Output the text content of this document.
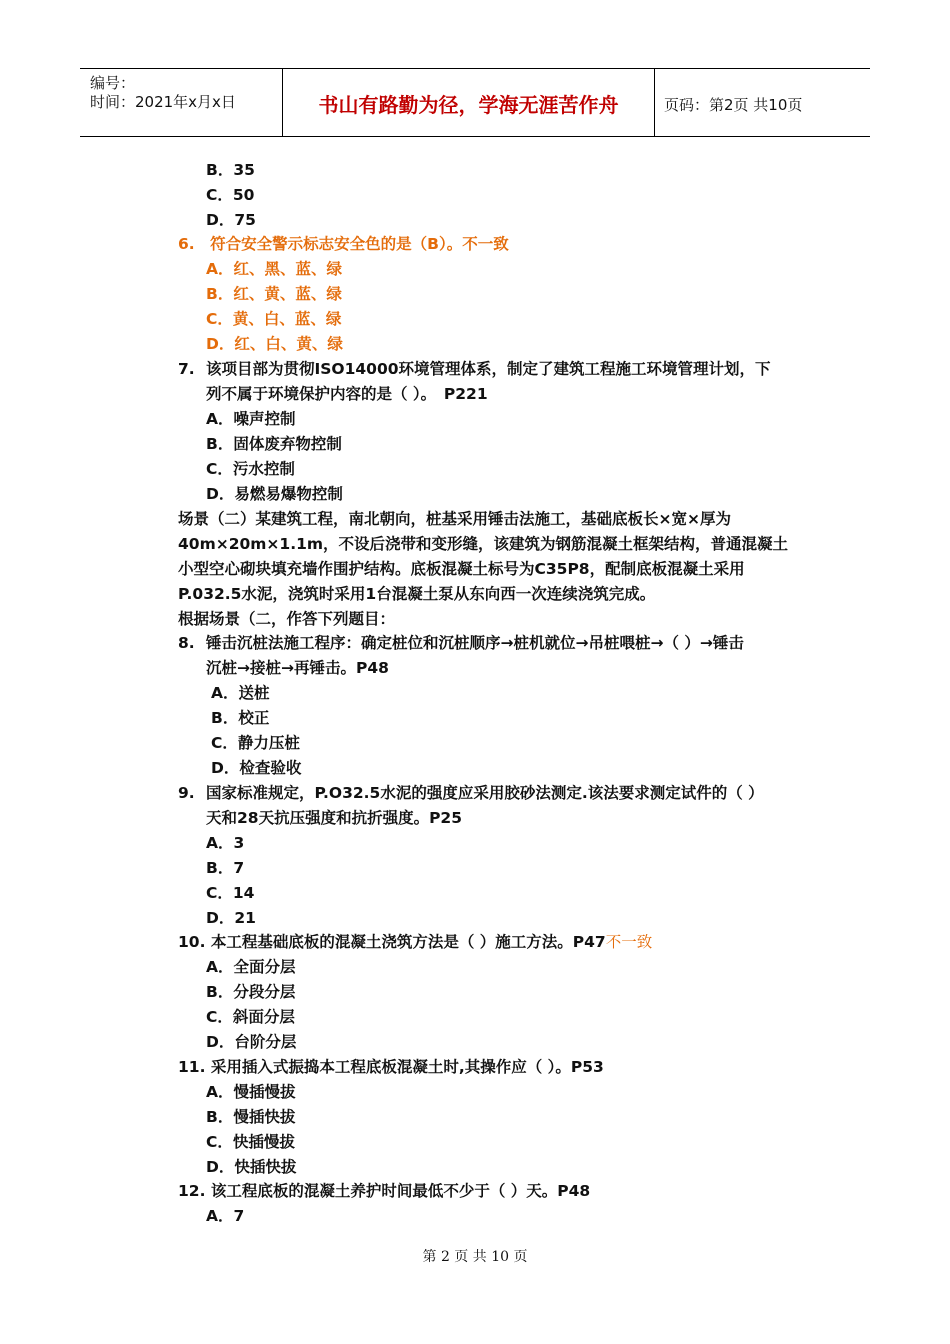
编号：
时间：2021年x月x日	书山有路勤为径，学海无涯苦作舟	页码：第2页 共10页
B．35
C．50
D．75
6.　符合安全警示标志安全色的是（B）。不一致
A．红、黑、蓝、绿
B．红、黄、蓝、绿
C．黄、白、蓝、绿
D．红、白、黄、绿
7. 该项目部为贯彻ISO14000环境管理体系，制定了建筑工程施工环境管理计划，下
列不属于环境保护内容的是（ ）。　P221
A．噪声控制
B．固体废弃物控制
C．污水控制
D．易燃易爆物控制
场景（二）某建筑工程，南北朝向，桩基采用锤击法施工，基础底板长×宽×厚为
40m×20m×1.1m，不设后浇带和变形缝，该建筑为钢筋混凝土框架结构，普通混凝土
小型空心砌块填充墙作围护结构。底板混凝土标号为C35P8，配制底板混凝土采用
P.032.5水泥，浇筑时采用1台混凝土泵从东向西一次连续浇筑完成。
根据场景（二，作答下列题目：
8. 锤击沉桩法施工程序：确定桩位和沉桩顺序→桩机就位→吊桩喂桩→（ ）→锤击
沉桩→接桩→再锤击。P48
A．送桩
B．校正
C．静力压桩
D．检查验收
9. 国家标准规定，P.O32.5水泥的强度应采用胶砂法测定.该法要求测定试件的（ ）
天和28天抗压强度和抗折强度。P25
A．3
B．7
C．14
D．21
10. 本工程基础底板的混凝土浇筑方法是（ ）施工方法。P47不一致
A．全面分层
B．分段分层
C．斜面分层
D．台阶分层
11. 采用插入式振捣本工程底板混凝土时,其操作应（ ）。P53
A．慢插慢拔
B．慢插快拔
C．快插慢拔
D．快插快拔
12. 该工程底板的混凝土养护时间最低不少于（ ）天。P48
A．7
第 2 页 共 10 页
